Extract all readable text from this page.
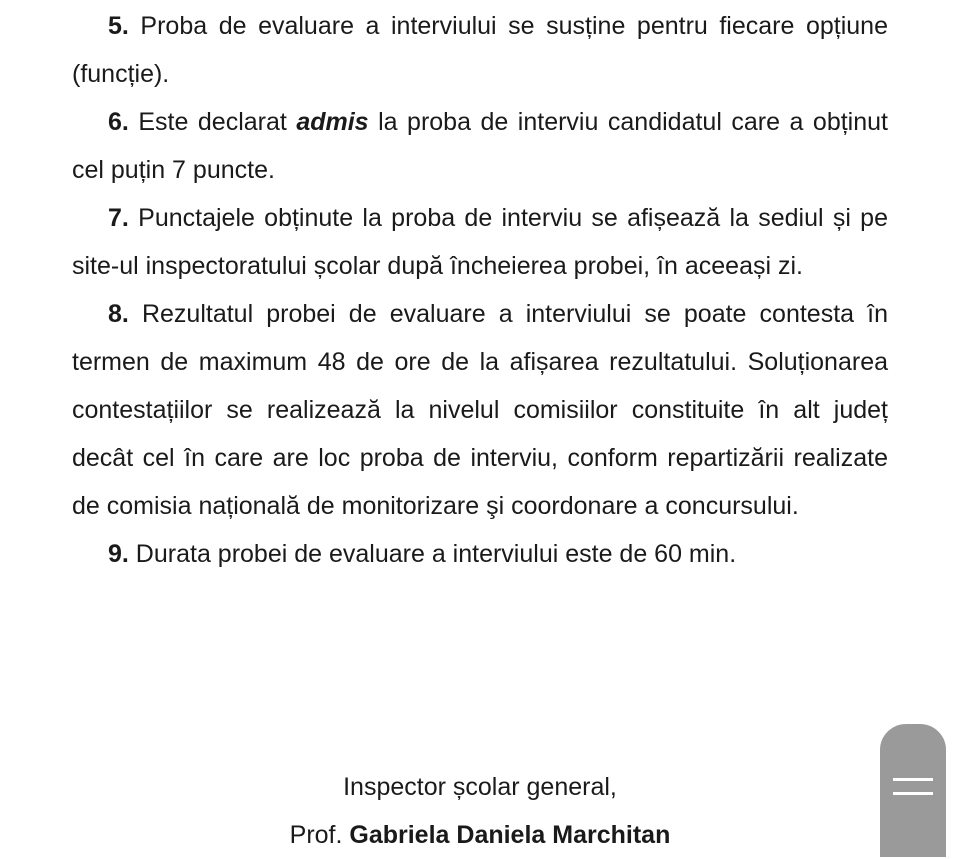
5. Proba de evaluare a interviului se susține pentru fiecare opțiune (funcție).

6. Este declarat admis la proba de interviu candidatul care a obținut cel puțin 7 puncte.

7. Punctajele obținute la proba de interviu se afișează la sediul și pe site-ul inspectoratului școlar după încheierea probei, în aceeași zi.

8. Rezultatul probei de evaluare a interviului se poate contesta în termen de maximum 48 de ore de la afișarea rezultatului. Soluționarea contestațiilor se realizează la nivelul comisiilor constituite în alt județ decât cel în care are loc proba de interviu, conform repartizării realizate de comisia națională de monitorizare şi coordonare a concursului.

9. Durata probei de evaluare a interviului este de 60 min.

Inspector școlar general,

Prof. Gabriela Daniela Marchitan
